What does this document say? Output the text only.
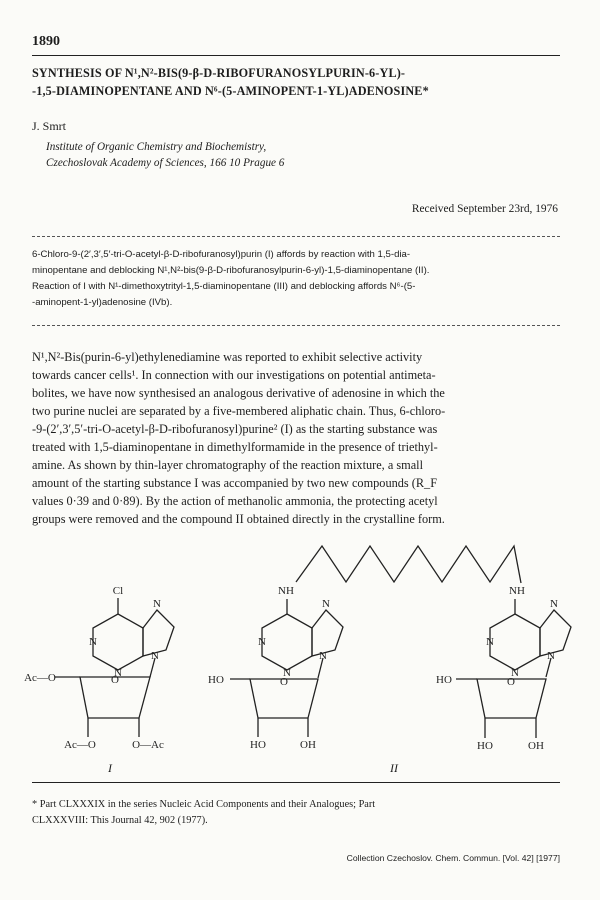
1890
SYNTHESIS OF N¹,N²-BIS(9-β-D-RIBOFURANOSYLPURIN-6-YL)-
-1,5-DIAMINOPENTANE AND N⁶-(5-AMINOPENT-1-YL)ADENOSINE*
J. Smrt
Institute of Organic Chemistry and Biochemistry,
Czechoslovak Academy of Sciences, 166 10 Prague 6
Received September 23rd, 1976

6-Chloro-9-(2′,3′,5′-tri-O-acetyl-β-D-ribofuranosyl)purin (I) affords by reaction with 1,5-dia-

minopentane and deblocking N¹,N²-bis(9-β-D-ribofuranosylpurin-6-yl)-1,5-diaminopentane (II).

Reaction of I with N¹-dimethoxytrityl-1,5-diaminopentane (III) and deblocking affords N⁶-(5-

-aminopent-1-yl)adenosine (IVb).

N¹,N²-Bis(purin-6-yl)ethylenediamine was reported to exhibit selective activity

towards cancer cells¹. In connection with our investigations on potential antimeta-

bolites, we have now synthesised an analogous derivative of adenosine in which the

two purine nuclei are separated by a five-membered aliphatic chain. Thus, 6-chloro-

-9-(2′,3′,5′-tri-O-acetyl-β-D-ribofuranosyl)purine² (I) as the starting substance was

treated with 1,5-diaminopentane in dimethylformamide in the presence of triethyl-

amine. As shown by thin-layer chromatography of the reaction mixture, a small

amount of the starting substance I was accompanied by two new compounds (R_F

values 0·39 and 0·89). By the action of methanolic ammonia, the protecting acetyl

groups were removed and the compound II obtained directly in the crystalline form.

Cl
N
N
N
N
O
Ac—O
Ac—O	O—Ac
I
NH
N
N
N
N
O
HO
HO	OH
II
NH
N
N
N
N
O
HO
HO	OH

* Part CLXXXIX in the series Nucleic Acid Components and their Analogues; Part

CLXXXVIII: This Journal 42, 902 (1977).

Collection Czechoslov. Chem. Commun. [Vol. 42] [1977]
